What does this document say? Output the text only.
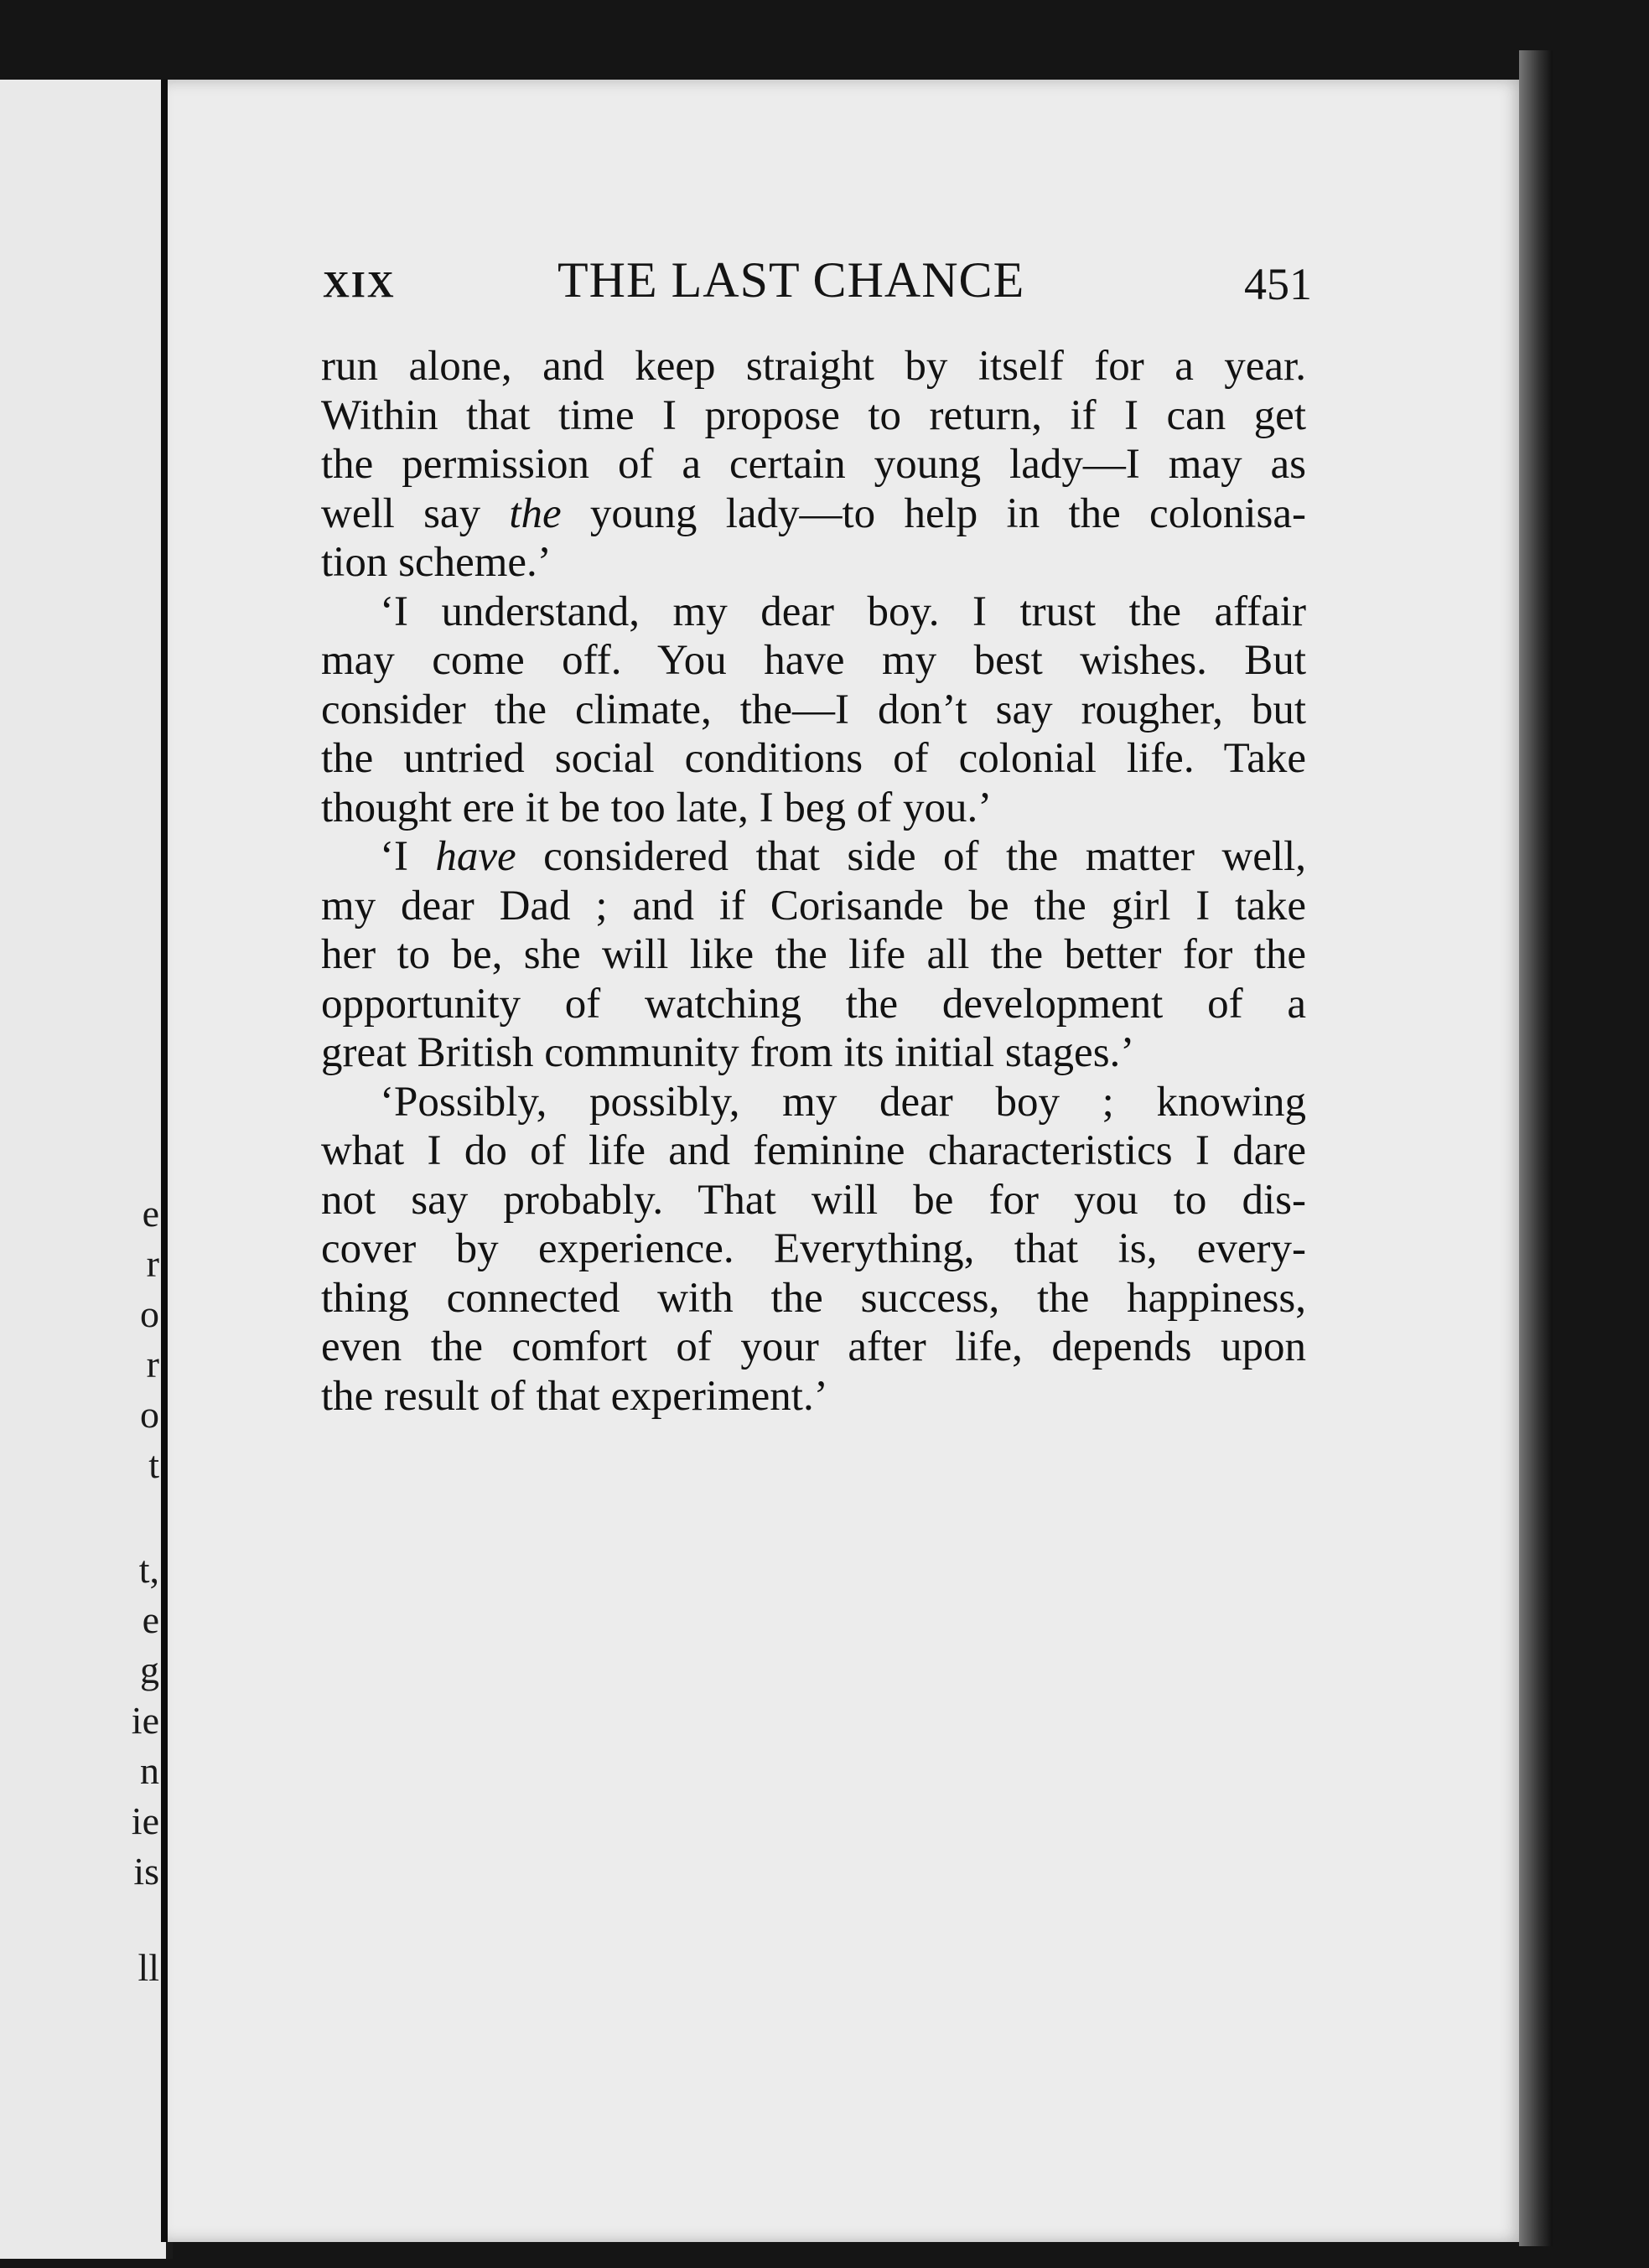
e
r
o
r
o
t
t,
e
g
ie
n
ie
is
ll
XIX	THE LAST CHANCE	451

run alone, and keep straight by itself for a year.
Within that time I propose to return, if I can get
the permission of a certain young lady—I may as
well say the young lady—to help in the colonisa-
tion scheme.’

‘I understand, my dear boy. I trust the affair
may come off. You have my best wishes. But
consider the climate, the—I don’t say rougher, but
the untried social conditions of colonial life. Take
thought ere it be too late, I beg of you.’

‘I have considered that side of the matter well,
my dear Dad ; and if Corisande be the girl I take
her to be, she will like the life all the better for the
opportunity of watching the development of a
great British community from its initial stages.’

‘Possibly, possibly, my dear boy ; knowing
what I do of life and feminine characteristics I dare
not say probably. That will be for you to dis-
cover by experience. Everything, that is, every-
thing connected with the success, the happiness,
even the comfort of your after life, depends upon
the result of that experiment.’
